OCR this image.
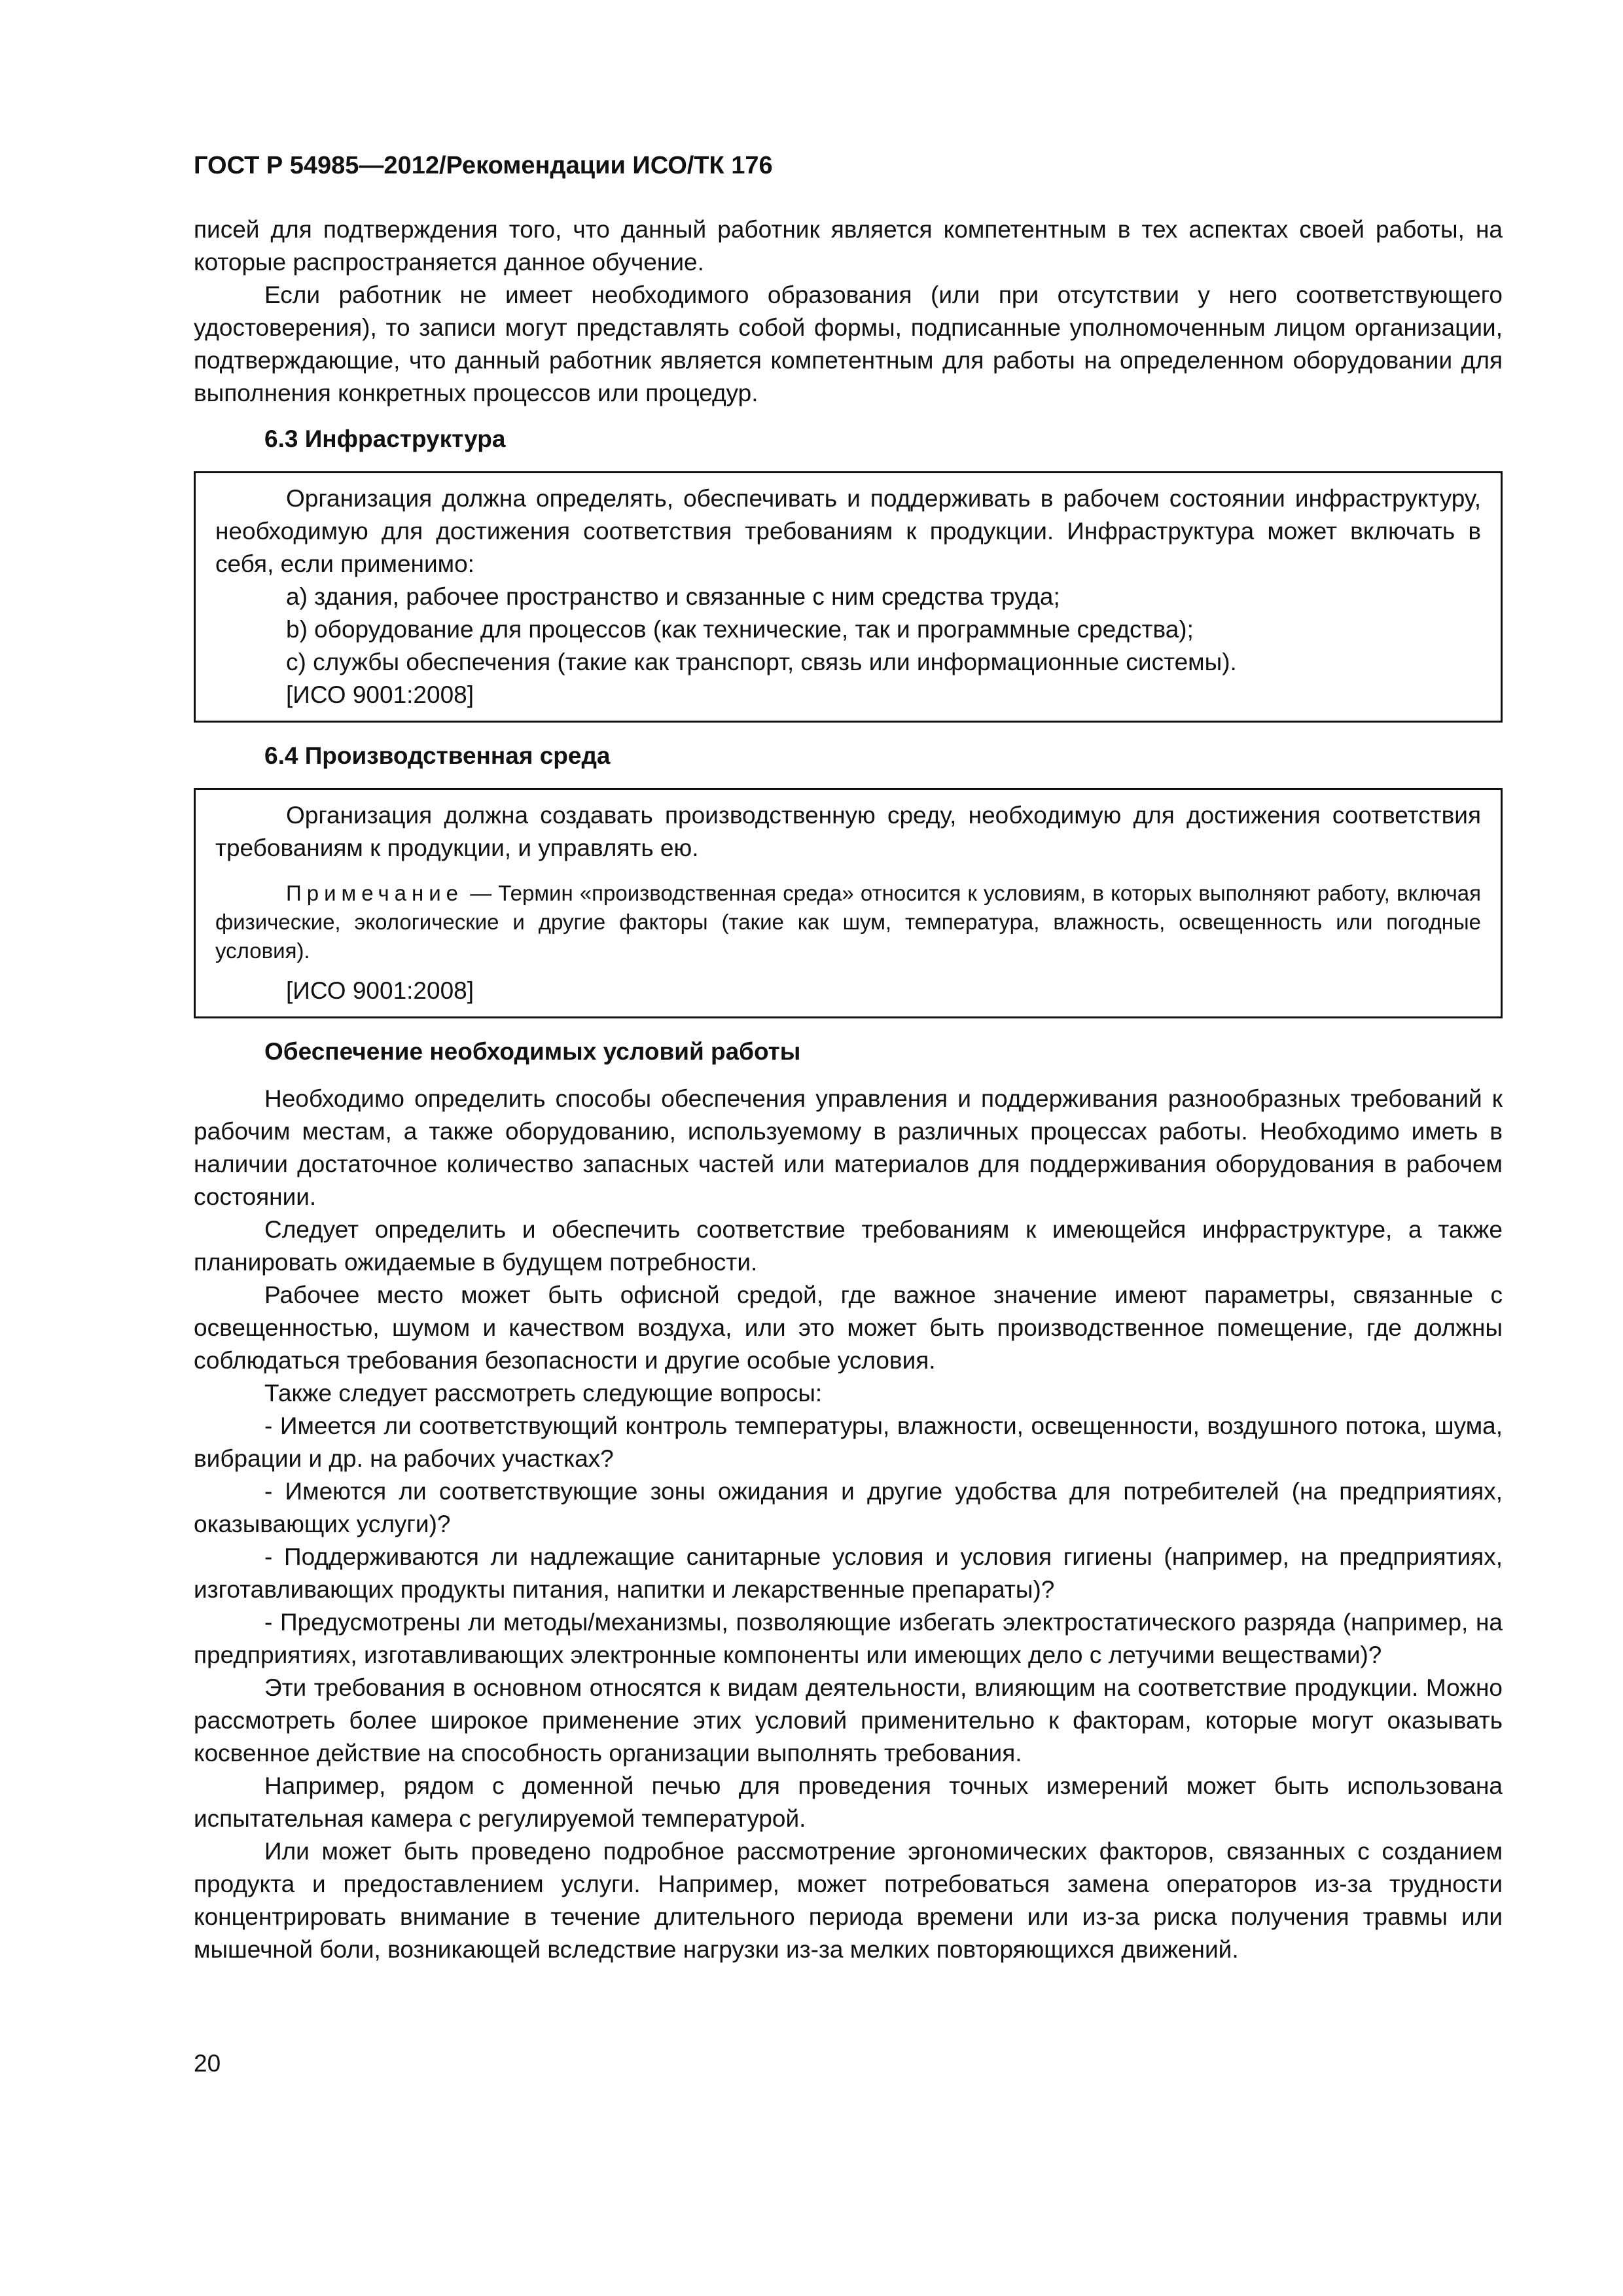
ГОСТ Р 54985—2012/Рекомендации ИСО/ТК 176

писей для подтверждения того, что данный работник является компетентным в тех аспектах своей работы, на которые распространяется данное обучение.

Если работник не имеет необходимого образования (или при отсутствии у него соответствующего удостоверения), то записи могут представлять собой формы, подписанные уполномоченным лицом организации, подтверждающие, что данный работник является компетентным для работы на определенном оборудовании для выполнения конкретных процессов или процедур.

6.3 Инфраструктура

Организация должна определять, обеспечивать и поддерживать в рабочем состоянии инфраструктуру, необходимую для достижения соответствия требованиям к продукции. Инфраструктура может включать в себя, если применимо:

a) здания, рабочее пространство и связанные с ним средства труда;
b) оборудование для процессов (как технические, так и программные средства);
c) службы обеспечения (такие как транспорт, связь или информационные системы).
[ИСО 9001:2008]
6.4 Производственная среда

Организация должна создавать производственную среду, необходимую для достижения соответствия требованиям к продукции, и управлять ею.

Примечание — Термин «производственная среда» относится к условиям, в которых выполняют работу, включая физические, экологические и другие факторы (такие как шум, температура, влажность, освещенность или погодные условия).
[ИСО 9001:2008]
Обеспечение необходимых условий работы

Необходимо определить способы обеспечения управления и поддерживания разнообразных требований к рабочим местам, а также оборудованию, используемому в различных процессах работы. Необходимо иметь в наличии достаточное количество запасных частей или материалов для поддерживания оборудования в рабочем состоянии.

Следует определить и обеспечить соответствие требованиям к имеющейся инфраструктуре, а также планировать ожидаемые в будущем потребности.

Рабочее место может быть офисной средой, где важное значение имеют параметры, связанные с освещенностью, шумом и качеством воздуха, или это может быть производственное помещение, где должны соблюдаться требования безопасности и другие особые условия.

Также следует рассмотреть следующие вопросы:

- Имеется ли соответствующий контроль температуры, влажности, освещенности, воздушного потока, шума, вибрации и др. на рабочих участках?

- Имеются ли соответствующие зоны ожидания и другие удобства для потребителей (на предприятиях, оказывающих услуги)?

- Поддерживаются ли надлежащие санитарные условия и условия гигиены (например, на предприятиях, изготавливающих продукты питания, напитки и лекарственные препараты)?

- Предусмотрены ли методы/механизмы, позволяющие избегать электростатического разряда (например, на предприятиях, изготавливающих электронные компоненты или имеющих дело с летучими веществами)?

Эти требования в основном относятся к видам деятельности, влияющим на соответствие продукции. Можно рассмотреть более широкое применение этих условий применительно к факторам, которые могут оказывать косвенное действие на способность организации выполнять требования.

Например, рядом с доменной печью для проведения точных измерений может быть использована испытательная камера с регулируемой температурой.

Или может быть проведено подробное рассмотрение эргономических факторов, связанных с созданием продукта и предоставлением услуги. Например, может потребоваться замена операторов из-за трудности концентрировать внимание в течение длительного периода времени или из-за риска получения травмы или мышечной боли, возникающей вследствие нагрузки из-за мелких повторяющихся движений.

20
